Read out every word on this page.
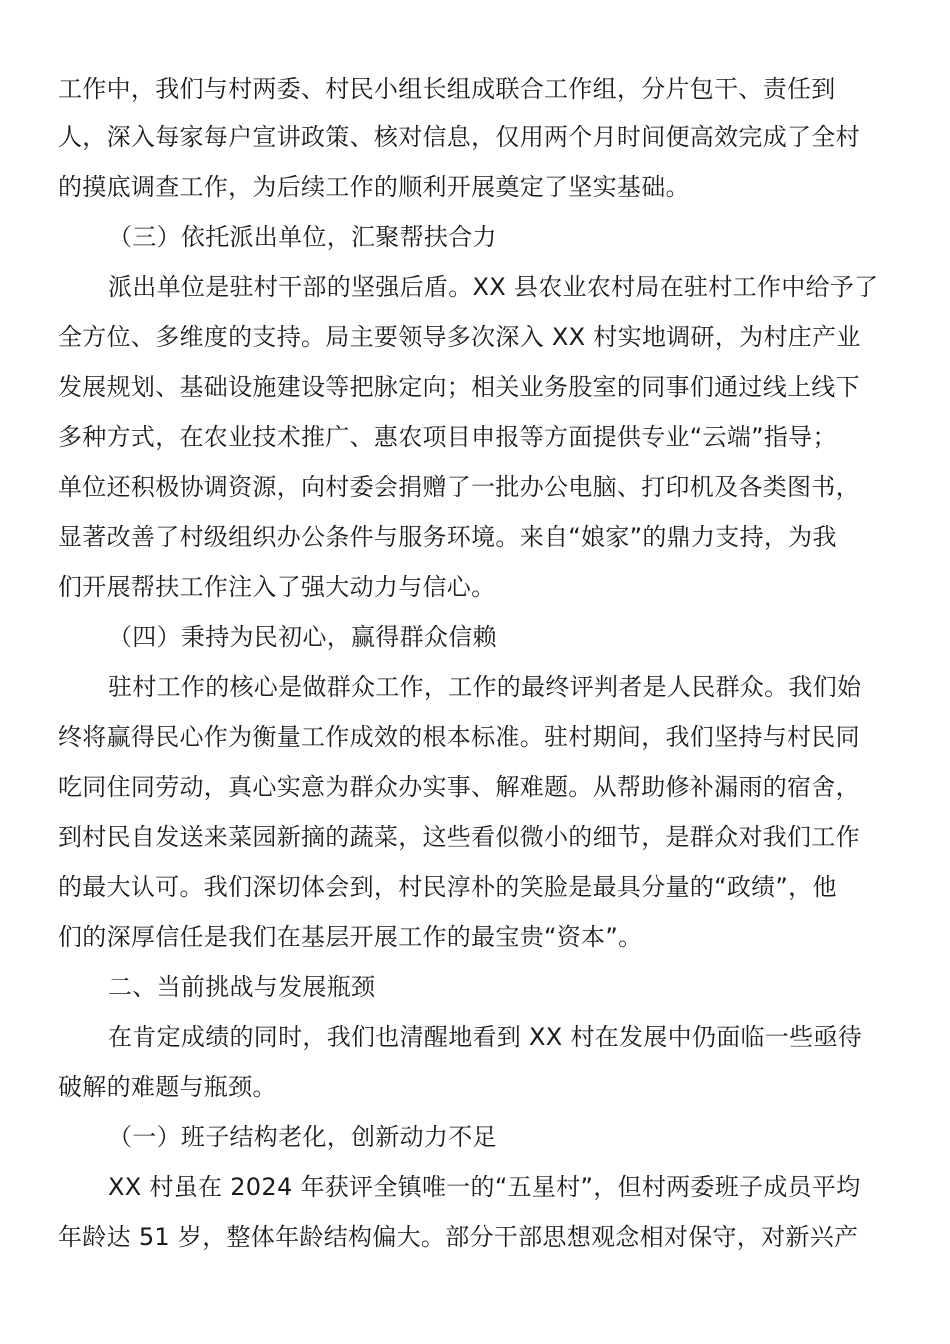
工作中，我们与村两委、村民小组长组成联合工作组，分片包干、责任到
人，深入每家每户宣讲政策、核对信息，仅用两个月时间便高效完成了全村
的摸底调查工作，为后续工作的顺利开展奠定了坚实基础。
（三）依托派出单位，汇聚帮扶合力
派出单位是驻村干部的坚强后盾。XX 县农业农村局在驻村工作中给予了
全方位、多维度的支持。局主要领导多次深入 XX 村实地调研，为村庄产业
发展规划、基础设施建设等把脉定向；相关业务股室的同事们通过线上线下
多种方式，在农业技术推广、惠农项目申报等方面提供专业“云端”指导；
单位还积极协调资源，向村委会捐赠了一批办公电脑、打印机及各类图书，
显著改善了村级组织办公条件与服务环境。来自“娘家”的鼎力支持，为我
们开展帮扶工作注入了强大动力与信心。
（四）秉持为民初心，赢得群众信赖
驻村工作的核心是做群众工作，工作的最终评判者是人民群众。我们始
终将赢得民心作为衡量工作成效的根本标准。驻村期间，我们坚持与村民同
吃同住同劳动，真心实意为群众办实事、解难题。从帮助修补漏雨的宿舍，
到村民自发送来菜园新摘的蔬菜，这些看似微小的细节，是群众对我们工作
的最大认可。我们深切体会到，村民淳朴的笑脸是最具分量的“政绩”，他
们的深厚信任是我们在基层开展工作的最宝贵“资本”。
二、当前挑战与发展瓶颈
在肯定成绩的同时，我们也清醒地看到 XX 村在发展中仍面临一些亟待
破解的难题与瓶颈。
（一）班子结构老化，创新动力不足
XX 村虽在 2024 年获评全镇唯一的“五星村”，但村两委班子成员平均
年龄达 51 岁，整体年龄结构偏大。部分干部思想观念相对保守，对新兴产
